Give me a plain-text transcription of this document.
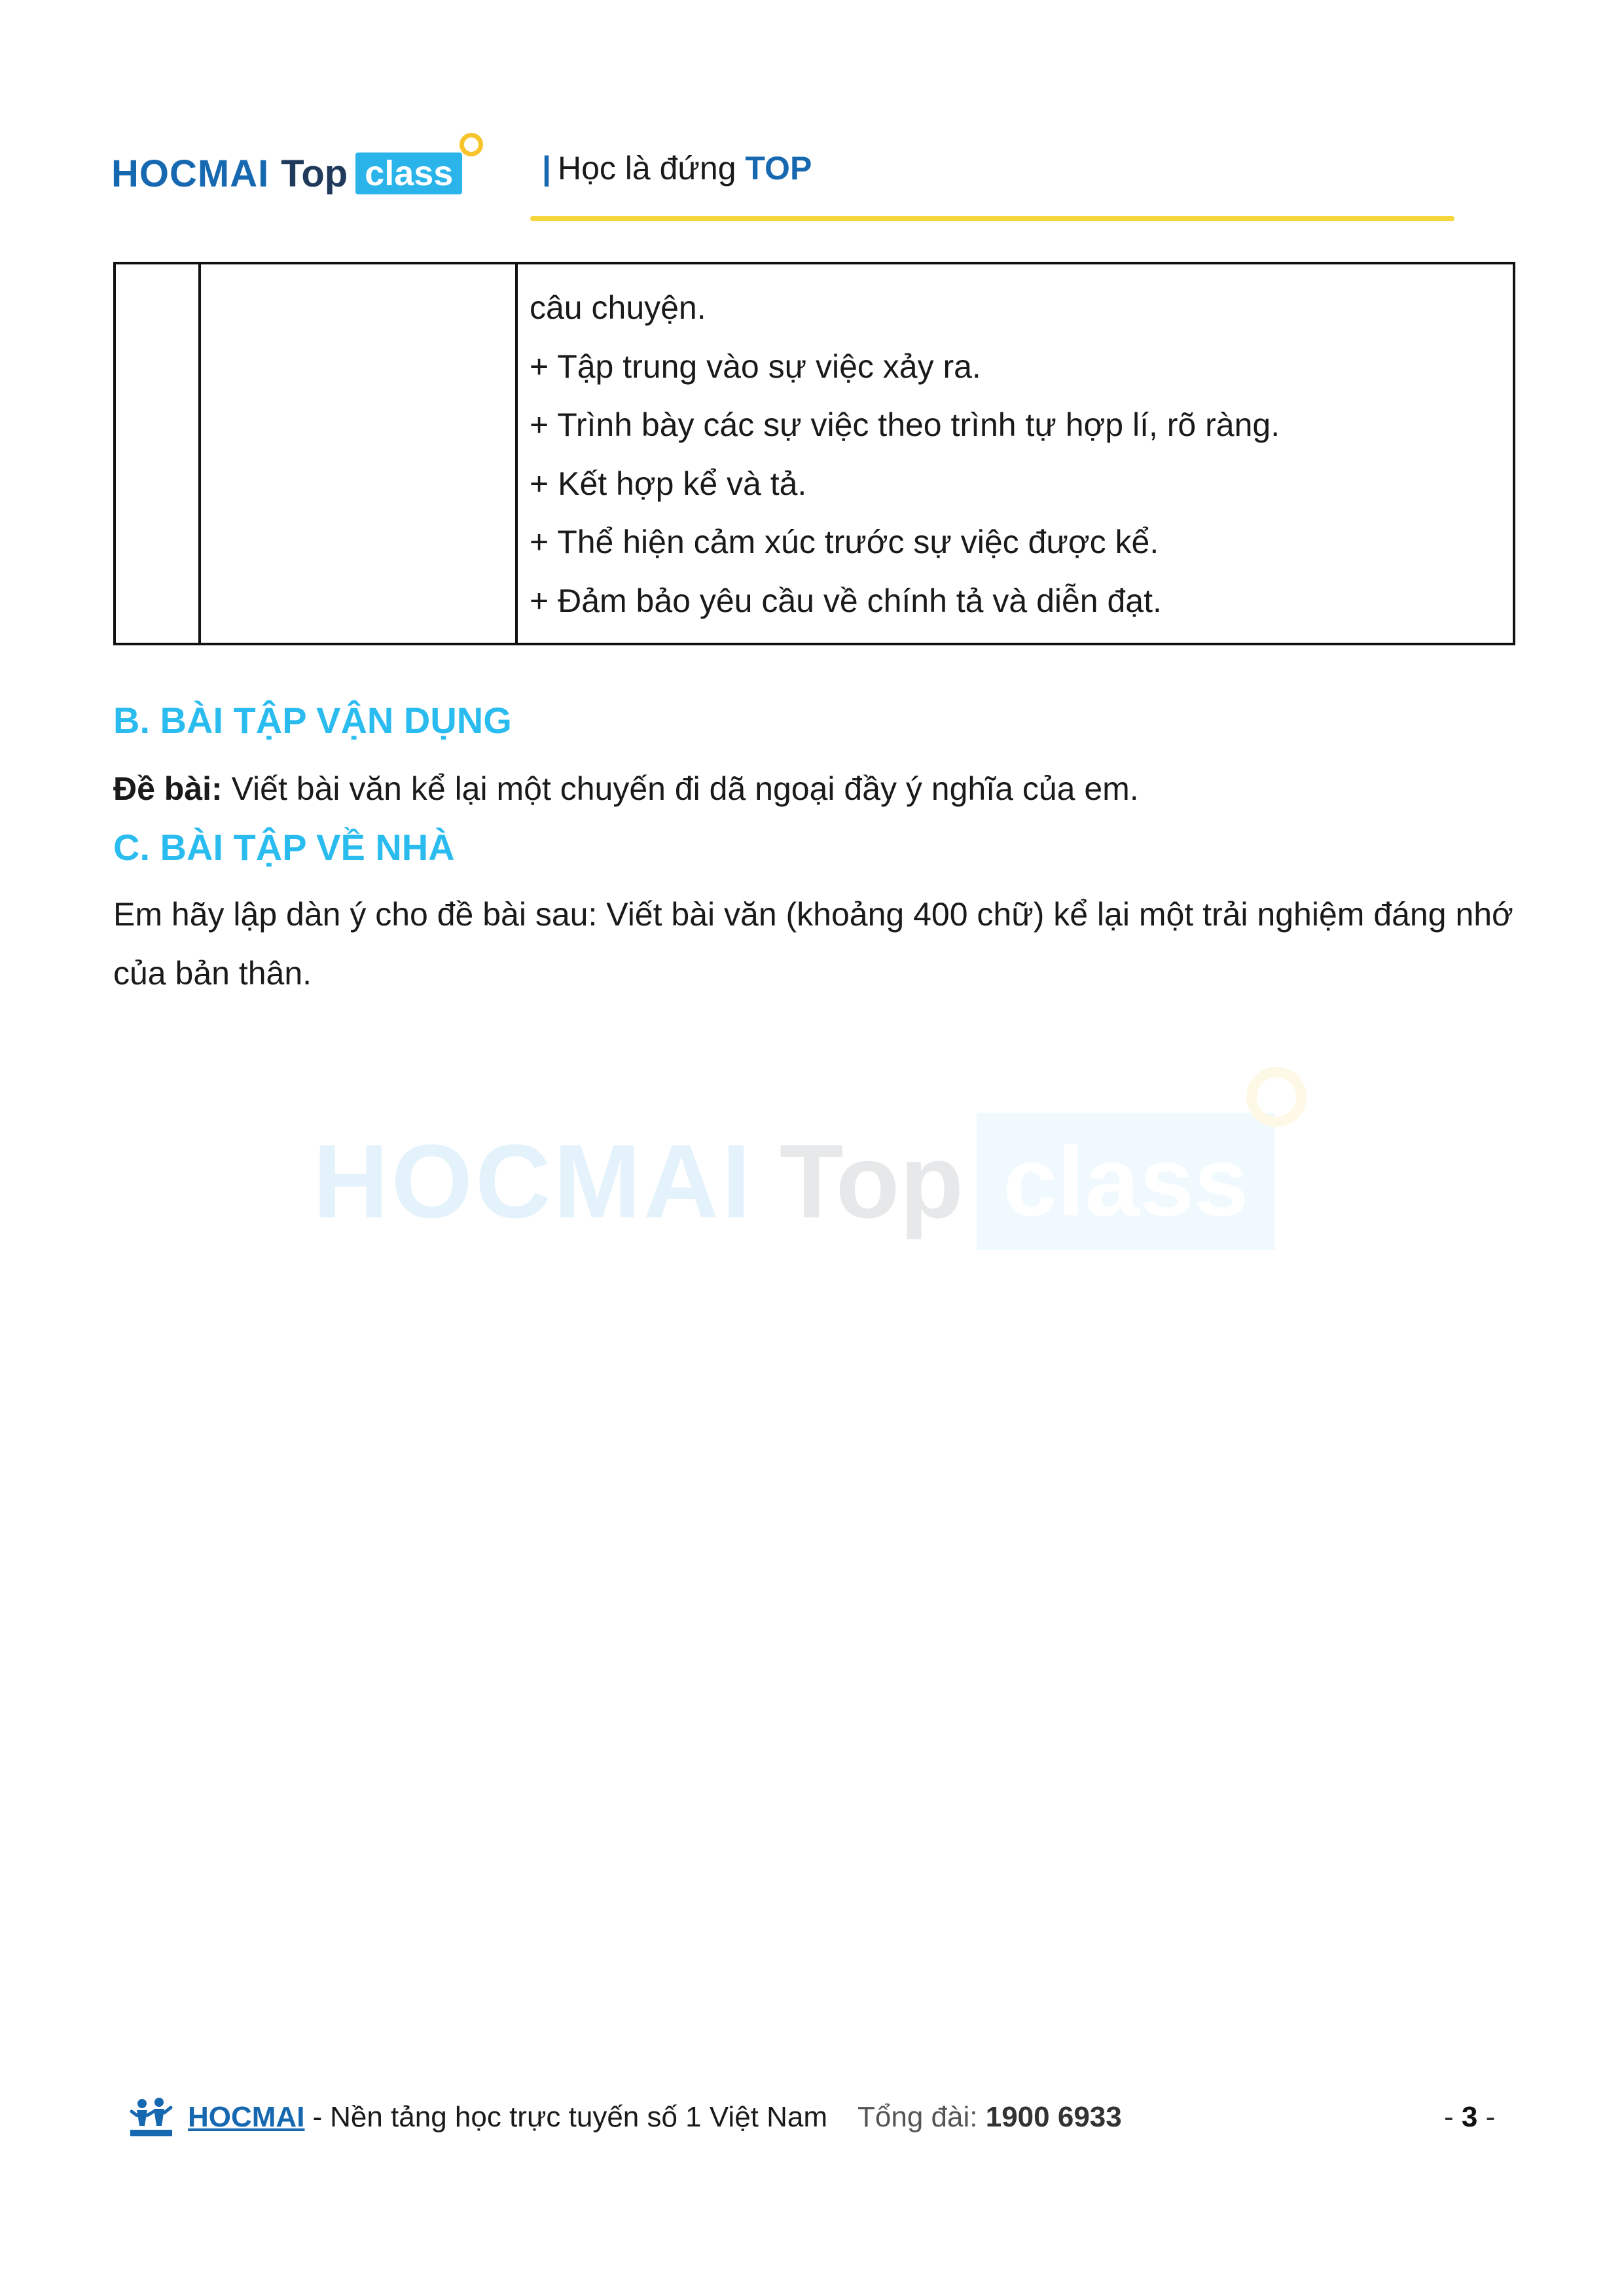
HOCMAI Top class	| Học là đứng TOP
câu chuyện.
+ Tập trung vào sự việc xảy ra.
+ Trình bày các sự việc theo trình tự hợp lí, rõ ràng.
+ Kết hợp kể và tả.
+ Thể hiện cảm xúc trước sự việc được kể.
+ Đảm bảo yêu cầu về chính tả và diễn đạt.
B. BÀI TẬP VẬN DỤNG
Đề bài: Viết bài văn kể lại một chuyến đi dã ngoại đầy ý nghĩa của em.
C. BÀI TẬP VỀ NHÀ
Em hãy lập dàn ý cho đề bài sau: Viết bài văn (khoảng 400 chữ) kể lại một trải nghiệm đáng nhớ của bản thân.
HOCMAI Top class
HOCMAI - Nền tảng học trực tuyến số 1 Việt Nam Tổng đài: 1900 6933	- 3 -
